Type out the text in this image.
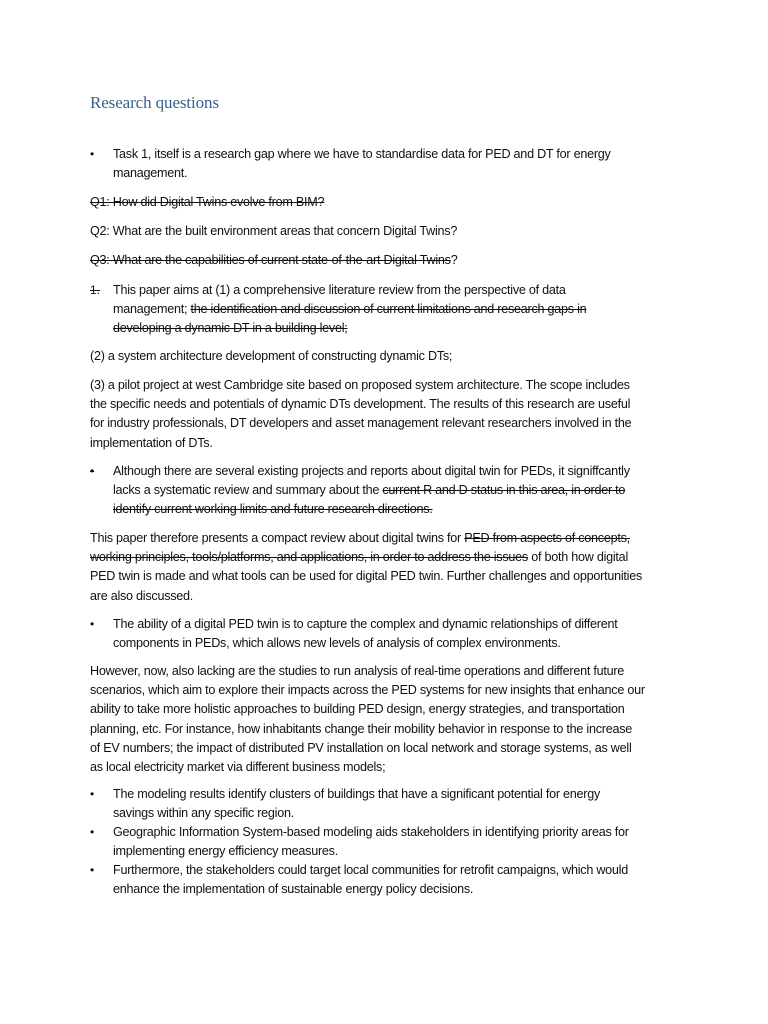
Research questions
• Task 1, itself is a research gap where we have to standardise data for PED and DT for energy
management.
Q1: How did Digital Twins evolve from BIM?
Q2: What are the built environment areas that concern Digital Twins?
Q3: What are the capabilities of current state-of-the-art Digital Twins?
1. This paper aims at (1) a comprehensive literature review from the perspective of data
management; the identification and discussion of current limitations and research gaps in
developing a dynamic DT in a building level;
(2) a system architecture development of constructing dynamic DTs;
(3) a pilot project at west Cambridge site based on proposed system architecture. The scope includes
the specific needs and potentials of dynamic DTs development. The results of this research are useful
for industry professionals, DT developers and asset management relevant researchers involved in the
implementation of DTs.
• Although there are several existing projects and reports about digital twin for PEDs, it signiffcantly
lacks a systematic review and summary about the current R and D status in this area, in order to
identify current working limits and future research directions.
This paper therefore presents a compact review about digital twins for PED from aspects of concepts,
working principles, tools/platforms, and applications, in order to address the issues of both how digital
PED twin is made and what tools can be used for digital PED twin. Further challenges and opportunities
are also discussed.
• The ability of a digital PED twin is to capture the complex and dynamic relationships of different
components in PEDs, which allows new levels of analysis of complex environments.
However, now, also lacking are the studies to run analysis of real-time operations and different future
scenarios, which aim to explore their impacts across the PED systems for new insights that enhance our
ability to take more holistic approaches to building PED design, energy strategies, and transportation
planning, etc. For instance, how inhabitants change their mobility behavior in response to the increase
of EV numbers; the impact of distributed PV installation on local network and storage systems, as well
as local electricity market via different business models;
• The modeling results identify clusters of buildings that have a significant potential for energy
savings within any specific region.
• Geographic Information System-based modeling aids stakeholders in identifying priority areas for
implementing energy efficiency measures.
• Furthermore, the stakeholders could target local communities for retrofit campaigns, which would
enhance the implementation of sustainable energy policy decisions.
